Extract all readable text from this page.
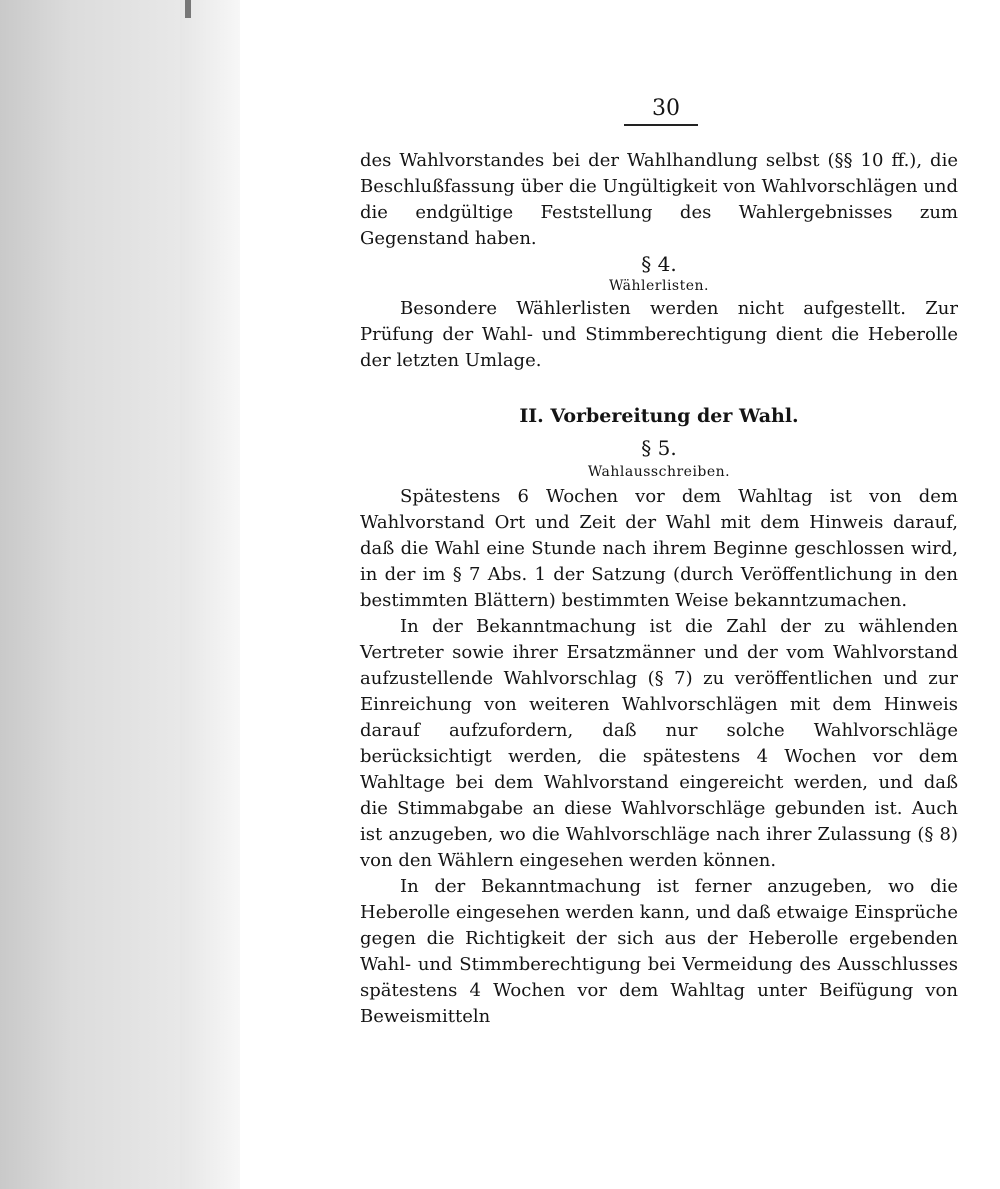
30
des Wahlvorstandes bei der Wahlhandlung selbst (§§ 10 ff.), die Beschlußfassung über die Ungültigkeit von Wahlvorschlägen und die endgültige Feststellung des Wahlergebnisses zum Gegenstand haben.
§ 4.
Wählerlisten.
Besondere Wählerlisten werden nicht aufgestellt. Zur Prüfung der Wahl- und Stimmberechtigung dient die Heberolle der letzten Umlage.
II. Vorbereitung der Wahl.
§ 5.
Wahlausschreiben.
Spätestens 6 Wochen vor dem Wahltag ist von dem Wahlvorstand Ort und Zeit der Wahl mit dem Hinweis darauf, daß die Wahl eine Stunde nach ihrem Beginne geschlossen wird, in der im § 7 Abs. 1 der Satzung (durch Veröffentlichung in den bestimmten Blättern) bestimmten Weise bekanntzumachen.
In der Bekanntmachung ist die Zahl der zu wählenden Vertreter sowie ihrer Ersatzmänner und der vom Wahlvorstand aufzustellende Wahlvorschlag (§ 7) zu veröffentlichen und zur Einreichung von weiteren Wahlvorschlägen mit dem Hinweis darauf aufzufordern, daß nur solche Wahlvorschläge berücksichtigt werden, die spätestens 4 Wochen vor dem Wahltage bei dem Wahlvorstand eingereicht werden, und daß die Stimmabgabe an diese Wahlvorschläge gebunden ist. Auch ist anzugeben, wo die Wahlvorschläge nach ihrer Zulassung (§ 8) von den Wählern eingesehen werden können.
In der Bekanntmachung ist ferner anzugeben, wo die Heberolle eingesehen werden kann, und daß etwaige Einsprüche gegen die Richtigkeit der sich aus der Heberolle ergebenden Wahl- und Stimmberechtigung bei Vermeidung des Ausschlusses spätestens 4 Wochen vor dem Wahltag unter Beifügung von Beweismitteln
